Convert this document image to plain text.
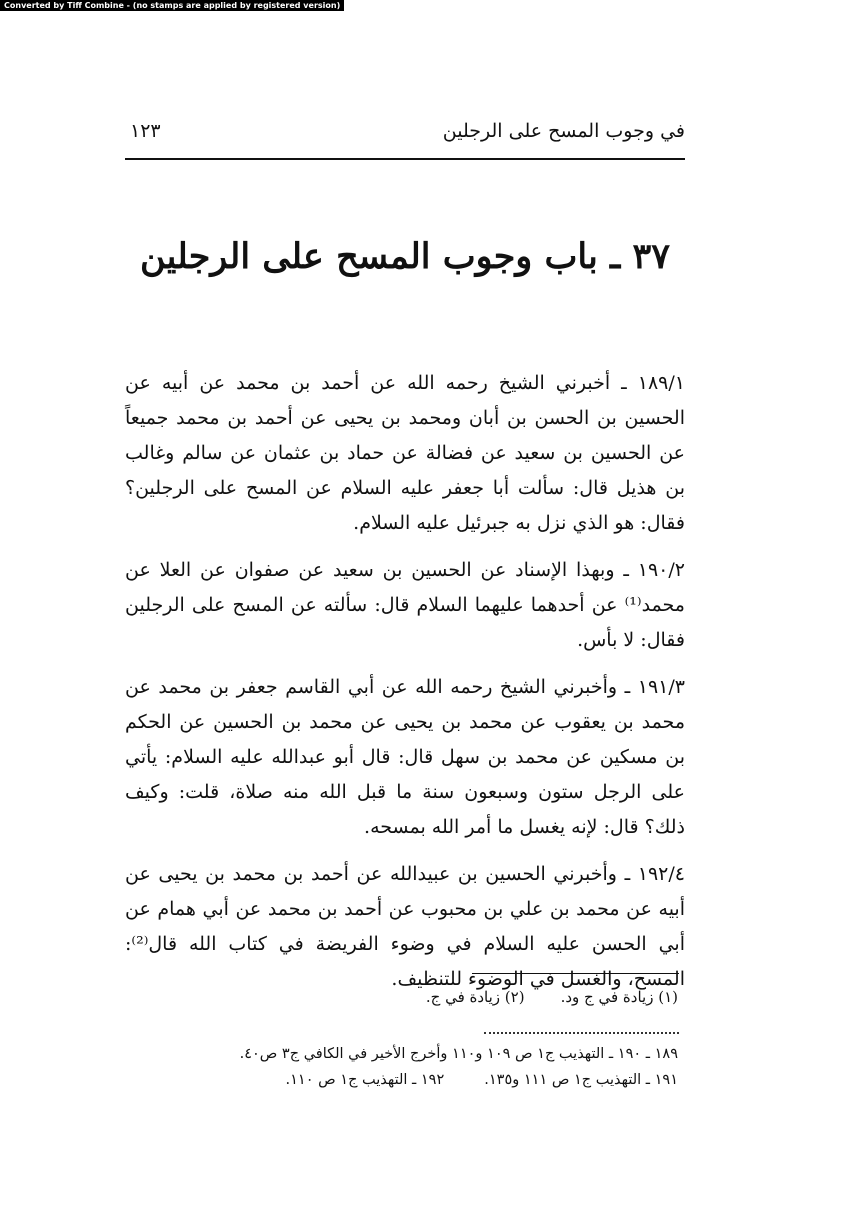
Converted by Tiff Combine - (no stamps are applied by registered version)
في وجوب المسح على الرجلين
١٢٣
٣٧ ـ باب وجوب المسح على الرجلين

١٨٩/١ ـ أخبرني الشيخ رحمه الله عن أحمد بن محمد عن أبيه عن الحسين بن الحسن بن أبان ومحمد بن يحيى عن أحمد بن محمد جميعاً عن الحسين بن سعيد عن فضالة عن حماد بن عثمان عن سالم وغالب بن هذيل قال: سألت أبا جعفر عليه السلام عن المسح على الرجلين؟ فقال: هو الذي نزل به جبرئيل عليه السلام.

١٩٠/٢ ـ وبهذا الإسناد عن الحسين بن سعيد عن صفوان عن العلا عن محمد⁽¹⁾ عن أحدهما عليهما السلام قال: سألته عن المسح على الرجلين فقال: لا بأس.

١٩١/٣ ـ وأخبرني الشيخ رحمه الله عن أبي القاسم جعفر بن محمد عن محمد بن يعقوب عن محمد بن يحيى عن محمد بن الحسين عن الحكم بن مسكين عن محمد بن سهل قال: قال أبو عبدالله عليه السلام: يأتي على الرجل ستون وسبعون سنة ما قبل الله منه صلاة، قلت: وكيف ذلك؟ قال: لإنه يغسل ما أمر الله بمسحه.

١٩٢/٤ ـ وأخبرني الحسين بن عبيدالله عن أحمد بن محمد بن يحيى عن أبيه عن محمد بن علي بن محبوب عن أحمد بن محمد عن أبي همام عن أبي الحسن عليه السلام في وضوء الفريضة في كتاب الله قال⁽²⁾: المسح، والغسل في الوضوء للتنظيف.

(١) زيادة في ج ود.(٢) زيادة في ج.
١٨٩ ـ ١٩٠ ـ التهذيب ج١ ص ١٠٩ و١١٠ وأخرج الأخير في الكافي ج٣ ص٤٠.
١٩١ ـ التهذيب ج١ ص ١١١ و١٣٥.١٩٢ ـ التهذيب ج١ ص ١١٠.
